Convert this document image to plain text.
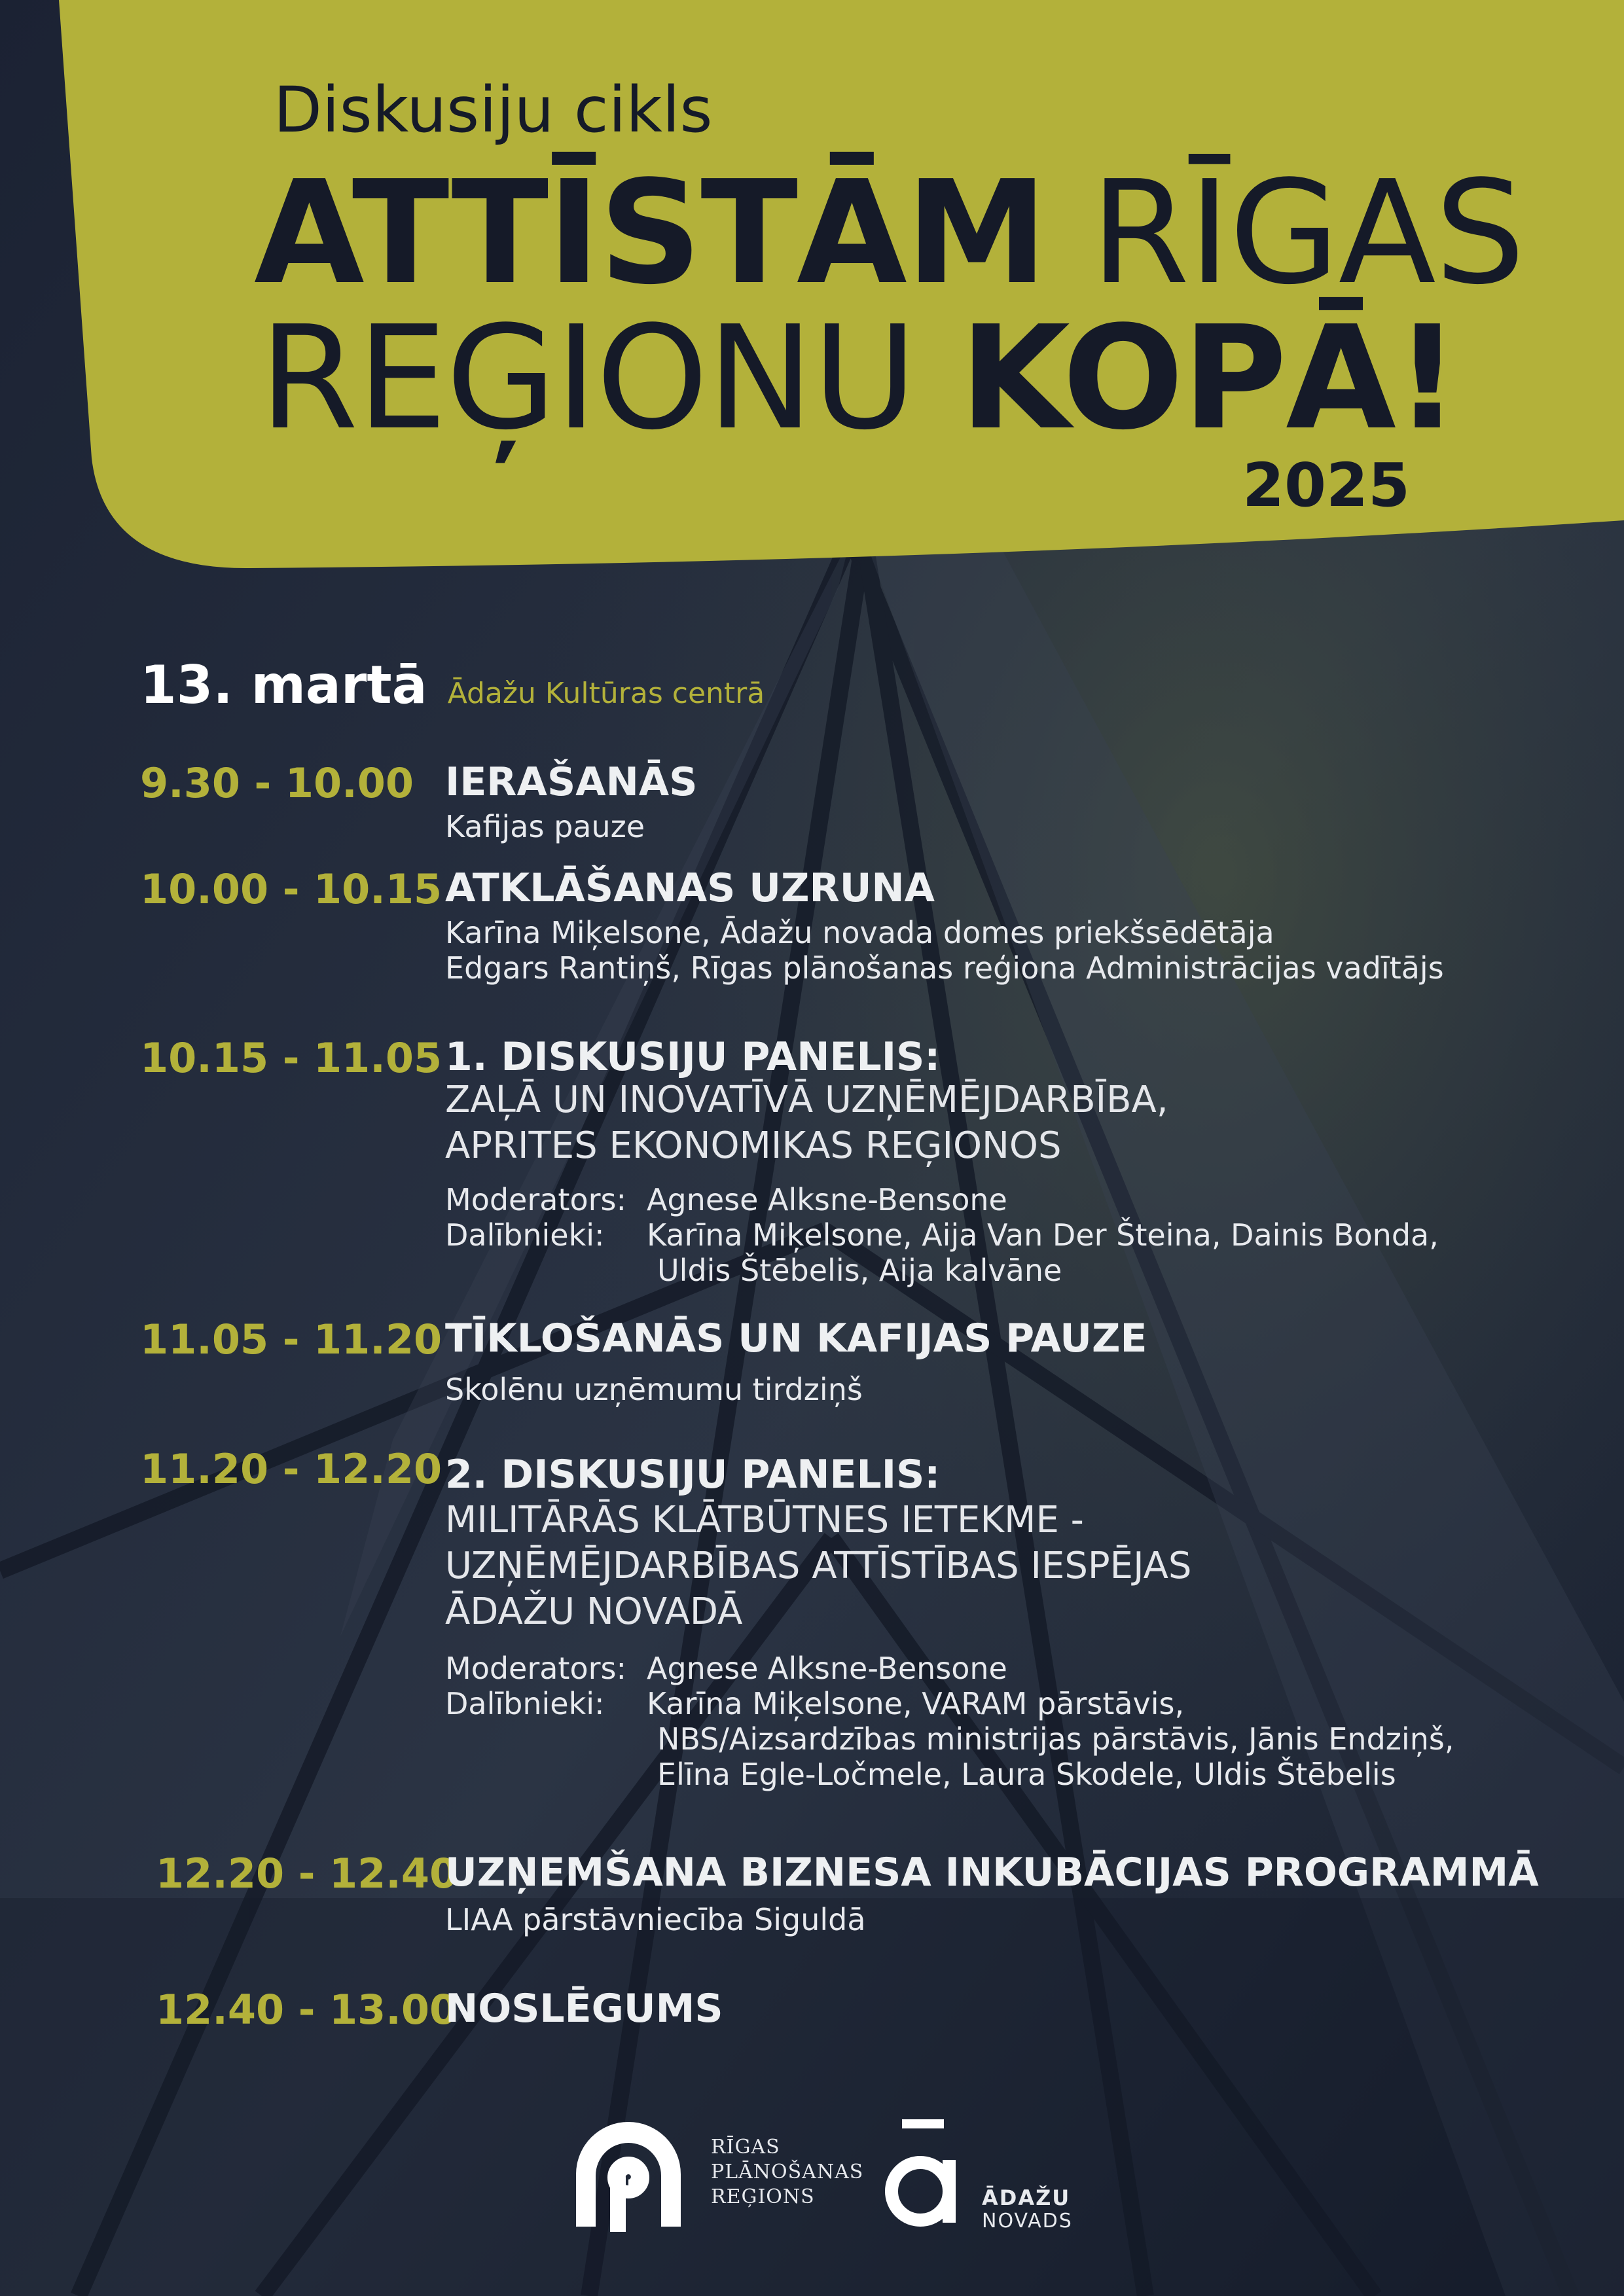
Diskusiju cikls
ATTĪSTĀM RĪGAS
REĢIONU KOPĀ!
2025
13. martā Ādažu Kultūras centrā
9.30 - 10.00 IERAŠANĀS
Kafijas pauze
10.00 - 10.15 ATKLĀŠANAS UZRUNA
Karīna Miķelsone, Ādažu novada domes priekšsēdētāja
Edgars Rantiņš, Rīgas plānošanas reģiona Administrācijas vadītājs
10.15 - 11.05 1. DISKUSIJU PANELIS:
ZAĻĀ UN INOVATĪVĀ UZŅĒMĒJDARBĪBA,
APRITES EKONOMIKAS REĢIONOS
Moderators: Agnese Alksne-Bensone
Dalībnieki: Karīna Miķelsone, Aija Van Der Šteina, Dainis Bonda,
Uldis Štēbelis, Aija kalvāne
11.05 - 11.20 TĪKLOŠANĀS UN KAFIJAS PAUZE
Skolēnu uzņēmumu tirdziņš
11.20 - 12.20 2. DISKUSIJU PANELIS:
MILITĀRĀS KLĀTBŪTNES IETEKME -
UZŅĒMĒJDARBĪBAS ATTĪSTĪBAS IESPĒJAS
ĀDAŽU NOVADĀ
Moderators: Agnese Alksne-Bensone
Dalībnieki: Karīna Miķelsone, VARAM pārstāvis,
NBS/Aizsardzības ministrijas pārstāvis, Jānis Endziņš,
Elīna Egle-Ločmele, Laura Skodele, Uldis Štēbelis
12.20 - 12.40
UZŅEMŠANA BIZNESA INKUBĀCIJAS PROGRAMMĀ
LIAA pārstāvniecība Siguldā
12.40 - 13.00
NOSLĒGUMS
RĪGAS
PLĀNOŠANAS
REĢIONS	ĀDAŽU
NOVADS
